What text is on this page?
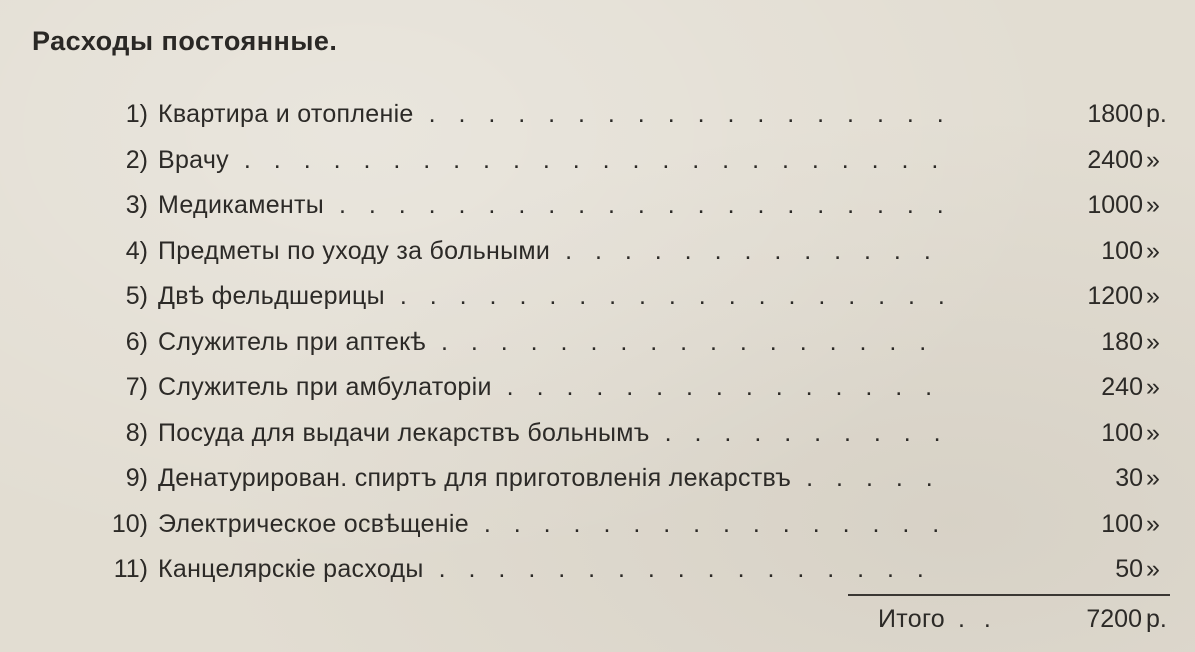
Расходы постоянные.
1) Квартира и отопленіе . . .	1800 р.
2) Врачу . . .	2400 »
3) Медикаменты . . .	1000 »
4) Предметы по уходу за больными . . .	100 »
5) Двѣ фельдшерицы . . .	1200 »
6) Служитель при аптекѣ . . .	180 »
7) Служитель при амбулаторіи . . .	240 »
8) Посуда для выдачи лекарствъ больнымъ . . .	100 »
9) Денатурирован. спиртъ для приготовленія лекарствъ . . .	30 »
10) Электрическое освѣщеніе . . .	100 »
11) Канцелярскіе расходы . . .	50 »
Итого . .	7200 р.
